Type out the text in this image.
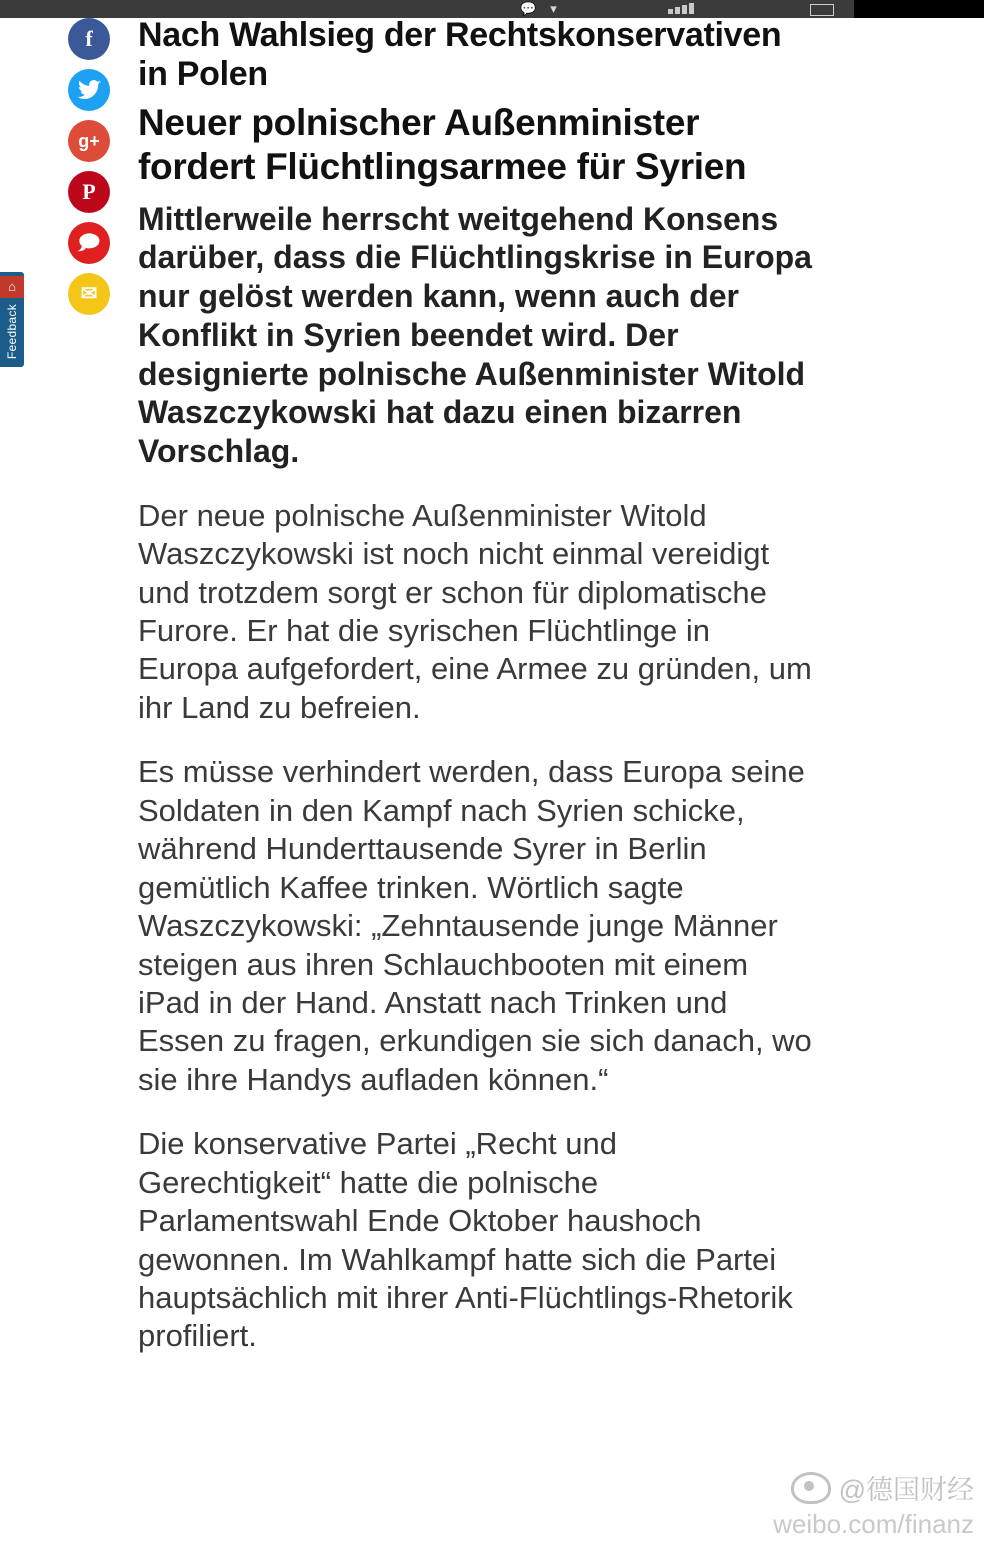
💬 ▾
f
g+
P
🗩
✉
⌂
Feedback
Nach Wahlsieg der Rechtskonservativen in Polen
Neuer polnischer Außenminister fordert Flüchtlingsarmee für Syrien

Mittlerweile herrscht weitgehend Konsens darüber, dass die Flüchtlingskrise in Europa nur gelöst werden kann, wenn auch der Konflikt in Syrien beendet wird. Der designierte polnische Außenminister Witold Waszczykowski hat dazu einen bizarren Vorschlag.

Der neue polnische Außenminister Witold Waszczykowski ist noch nicht einmal vereidigt und trotzdem sorgt er schon für diplomatische Furore. Er hat die syrischen Flüchtlinge in Europa aufgefordert, eine Armee zu gründen, um ihr Land zu befreien.

Es müsse verhindert werden, dass Europa seine Soldaten in den Kampf nach Syrien schicke, während Hunderttausende Syrer in Berlin gemütlich Kaffee trinken. Wörtlich sagte Waszczykowski: „Zehntausende junge Männer steigen aus ihren Schlauchbooten mit einem iPad in der Hand. Anstatt nach Trinken und Essen zu fragen, erkundigen sie sich danach, wo sie ihre Handys aufladen können.“

Die konservative Partei „Recht und Gerechtigkeit“ hatte die polnische Parlamentswahl Ende Oktober haushoch gewonnen. Im Wahlkampf hatte sich die Partei hauptsächlich mit ihrer Anti-Flüchtlings-Rhetorik profiliert.

@德国财经
weibo.com/finanz
